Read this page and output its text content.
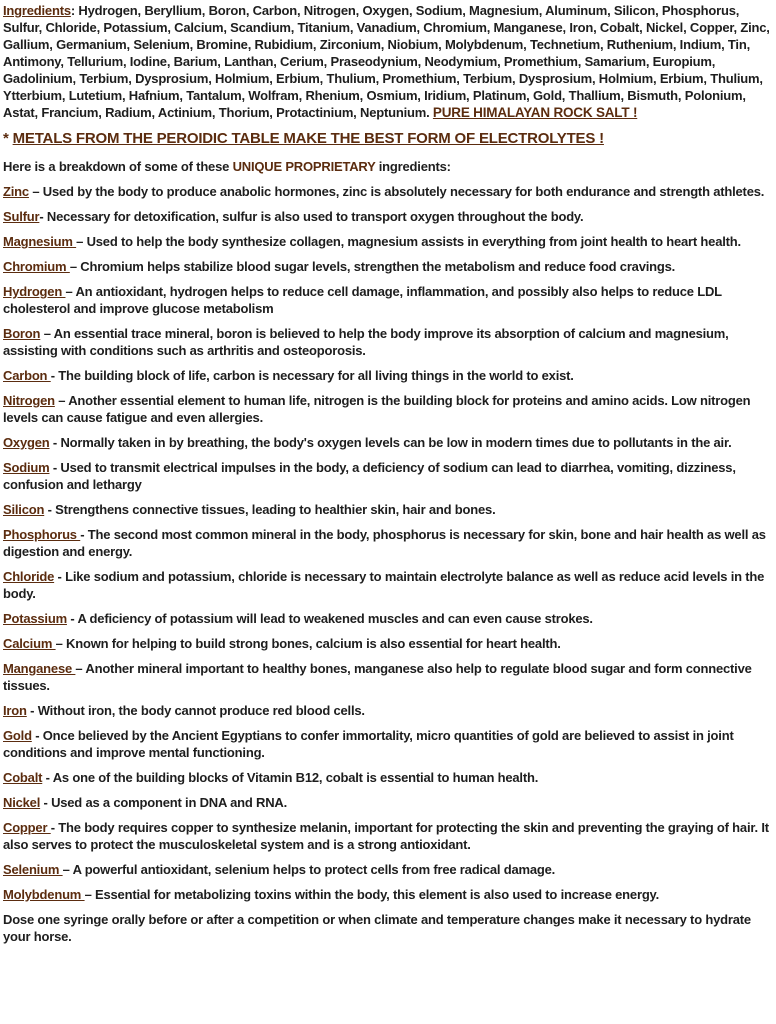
Ingredients: Hydrogen, Beryllium, Boron, Carbon, Nitrogen, Oxygen, Sodium, Magnesium, Aluminum, Silicon, Phosphorus, Sulfur, Chloride, Potassium, Calcium, Scandium, Titanium, Vanadium, Chromium, Manganese, Iron, Cobalt, Nickel, Copper, Zinc, Gallium, Germanium, Selenium, Bromine, Rubidium, Zirconium, Niobium, Molybdenum, Technetium, Ruthenium, Indium, Tin, Antimony, Tellurium, Iodine, Barium, Lanthan, Cerium, Praseodynium, Neodymium, Promethium, Samarium, Europium, Gadolinium, Terbium, Dysprosium, Holmium, Erbium, Thulium, Promethium, Terbium, Dysprosium, Holmium, Erbium, Thulium, Ytterbium, Lutetium, Hafnium, Tantalum, Wolfram, Rhenium, Osmium, Iridium, Platinum, Gold, Thallium, Bismuth, Polonium, Astat, Francium, Radium, Actinium, Thorium, Protactinium, Neptunium. PURE HIMALAYAN ROCK SALT !

* METALS FROM THE PEROIDIC TABLE MAKE THE BEST FORM OF ELECTROLYTES !

Here is a breakdown of some of these UNIQUE PROPRIETARY ingredients:

Zinc – Used by the body to produce anabolic hormones, zinc is absolutely necessary for both endurance and strength athletes.

Sulfur- Necessary for detoxification, sulfur is also used to transport oxygen throughout the body.

Magnesium – Used to help the body synthesize collagen, magnesium assists in everything from joint health to heart health.

Chromium – Chromium helps stabilize blood sugar levels, strengthen the metabolism and reduce food cravings.

Hydrogen – An antioxidant, hydrogen helps to reduce cell damage, inflammation, and possibly also helps to reduce LDL cholesterol and improve glucose metabolism

Boron – An essential trace mineral, boron is believed to help the body improve its absorption of calcium and magnesium, assisting with conditions such as arthritis and osteoporosis.

Carbon - The building block of life, carbon is necessary for all living things in the world to exist.

Nitrogen – Another essential element to human life, nitrogen is the building block for proteins and amino acids. Low nitrogen levels can cause fatigue and even allergies.

Oxygen - Normally taken in by breathing, the body's oxygen levels can be low in modern times due to pollutants in the air.

Sodium - Used to transmit electrical impulses in the body, a deficiency of sodium can lead to diarrhea, vomiting, dizziness, confusion and lethargy

Silicon - Strengthens connective tissues, leading to healthier skin, hair and bones.

Phosphorus - The second most common mineral in the body, phosphorus is necessary for skin, bone and hair health as well as digestion and energy.

Chloride - Like sodium and potassium, chloride is necessary to maintain electrolyte balance as well as reduce acid levels in the body.

Potassium - A deficiency of potassium will lead to weakened muscles and can even cause strokes.

Calcium – Known for helping to build strong bones, calcium is also essential for heart health.

Manganese – Another mineral important to healthy bones, manganese also help to regulate blood sugar and form connective tissues.

Iron - Without iron, the body cannot produce red blood cells.

Gold - Once believed by the Ancient Egyptians to confer immortality, micro quantities of gold are believed to assist in joint conditions and improve mental functioning.

Cobalt - As one of the building blocks of Vitamin B12, cobalt is essential to human health.

Nickel - Used as a component in DNA and RNA.

Copper - The body requires copper to synthesize melanin, important for protecting the skin and preventing the graying of hair. It also serves to protect the musculoskeletal system and is a strong antioxidant.

Selenium – A powerful antioxidant, selenium helps to protect cells from free radical damage.

Molybdenum – Essential for metabolizing toxins within the body, this element is also used to increase energy.

Dose one syringe orally before or after a competition or when climate and temperature changes make it necessary to hydrate your horse.
